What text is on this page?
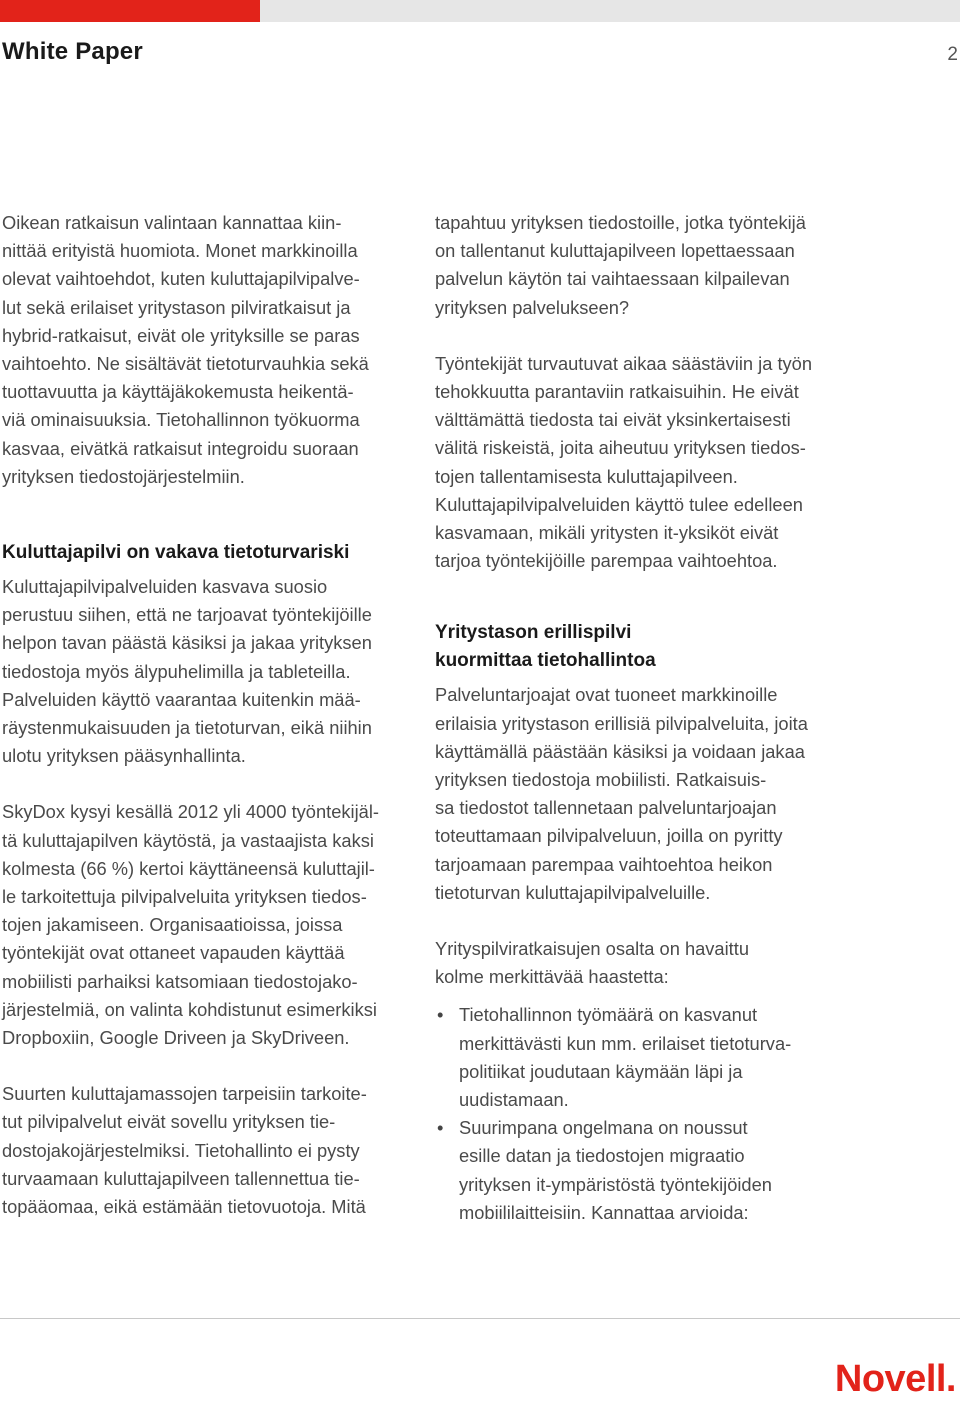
White Paper	2

Oikean ratkaisun valintaan kannattaa kiin-
nittää erityistä huomiota. Monet markkinoilla
olevat vaihtoehdot, kuten kuluttajapilvipalve-
lut sekä erilaiset yritystason pilviratkaisut ja
hybrid-ratkaisut, eivät ole yrityksille se paras
vaihtoehto. Ne sisältävät tietoturvauhkia sekä
tuottavuutta ja käyttäjäkokemusta heikentä-
viä ominaisuuksia. Tietohallinnon työkuorma
kasvaa, eivätkä ratkaisut integroidu suoraan
yrityksen tiedostojärjestelmiin.

Kuluttajapilvi on vakava tietoturvariski

Kuluttajapilvipalveluiden kasvava suosio
perustuu siihen, että ne tarjoavat työntekijöille
helpon tavan päästä käsiksi ja jakaa yrityksen
tiedostoja myös älypuhelimilla ja tableteilla.
Palveluiden käyttö vaarantaa kuitenkin mää-
räystenmukaisuuden ja tietoturvan, eikä niihin
ulotu yrityksen pääsynhallinta.

SkyDox kysyi kesällä 2012 yli 4000 työntekijäl-
tä kuluttajapilven käytöstä, ja vastaajista kaksi
kolmesta (66 %) kertoi käyttäneensä kuluttajil-
le tarkoitettuja pilvipalveluita yrityksen tiedos-
tojen jakamiseen. Organisaatioissa, joissa
työntekijät ovat ottaneet vapauden käyttää
mobiilisti parhaiksi katsomiaan tiedostojako-
järjestelmiä, on valinta kohdistunut esimerkiksi
Dropboxiin, Google Driveen ja SkyDriveen.

Suurten kuluttajamassojen tarpeisiin tarkoite-
tut pilvipalvelut eivät sovellu yrityksen tie-
dostojakojärjestelmiksi. Tietohallinto ei pysty
turvaamaan kuluttajapilveen tallennettua tie-
topääomaa, eikä estämään tietovuotoja. Mitä

tapahtuu yrityksen tiedostoille, jotka työntekijä
on tallentanut kuluttajapilveen lopettaessaan
palvelun käytön tai vaihtaessaan kilpailevan
yrityksen palvelukseen?

Työntekijät turvautuvat aikaa säästäviin ja työn
tehokkuutta parantaviin ratkaisuihin. He eivät
välttämättä tiedosta tai eivät yksinkertaisesti
välitä riskeistä, joita aiheutuu yrityksen tiedos-
tojen tallentamisesta kuluttajapilveen.
Kuluttajapilvipalveluiden käyttö tulee edelleen
kasvamaan, mikäli yritysten it-yksiköt eivät
tarjoa työntekijöille parempaa vaihtoehtoa.

Yritystason erillispilvi
kuormittaa tietohallintoa

Palveluntarjoajat ovat tuoneet markkinoille
erilaisia yritystason erillisiä pilvipalveluita, joita
käyttämällä päästään käsiksi ja voidaan jakaa
yrityksen tiedostoja mobiilisti. Ratkaisuis-
sa tiedostot tallennetaan palveluntarjoajan
toteuttamaan pilvipalveluun, joilla on pyritty
tarjoamaan parempaa vaihtoehtoa heikon
tietoturvan kuluttajapilvipalveluille.

Yrityspilviratkaisujen osalta on havaittu
kolme merkittävää haastetta:

• Tietohallinnon työmäärä on kasvanut
merkittävästi kun mm. erilaiset tietoturva-
politiikat joudutaan käymään läpi ja
uudistamaan.
• Suurimpana ongelmana on noussut
esille datan ja tiedostojen migraatio
yrityksen it-ympäristöstä työntekijöiden
mobiililaitteisiin. Kannattaa arvioida:
Novell.
